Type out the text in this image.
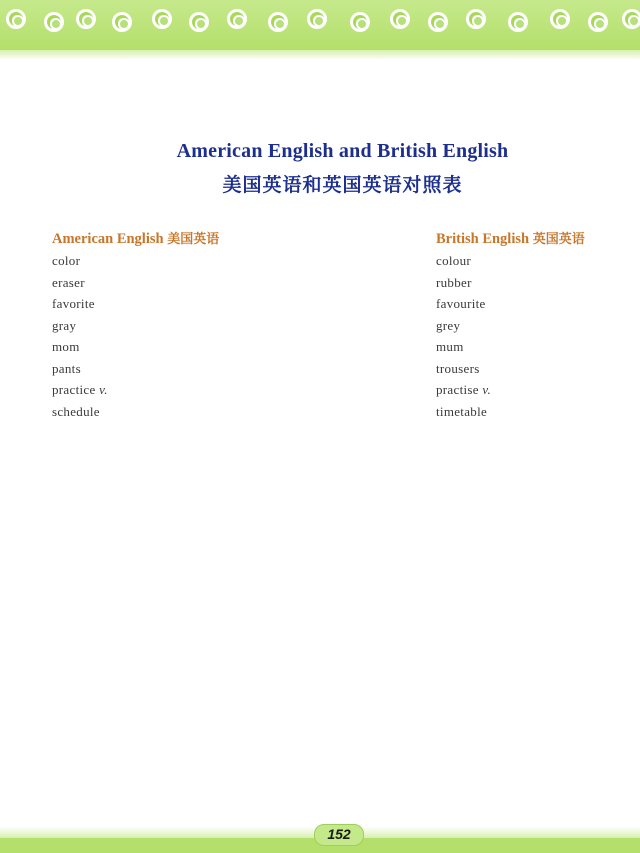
American English and British English
美国英语和英国英语对照表
American English 美国英语
color
eraser
favorite
gray
mom
pants
practice v.
schedule
British English 英国英语
colour
rubber
favourite
grey
mum
trousers
practise v.
timetable
152
